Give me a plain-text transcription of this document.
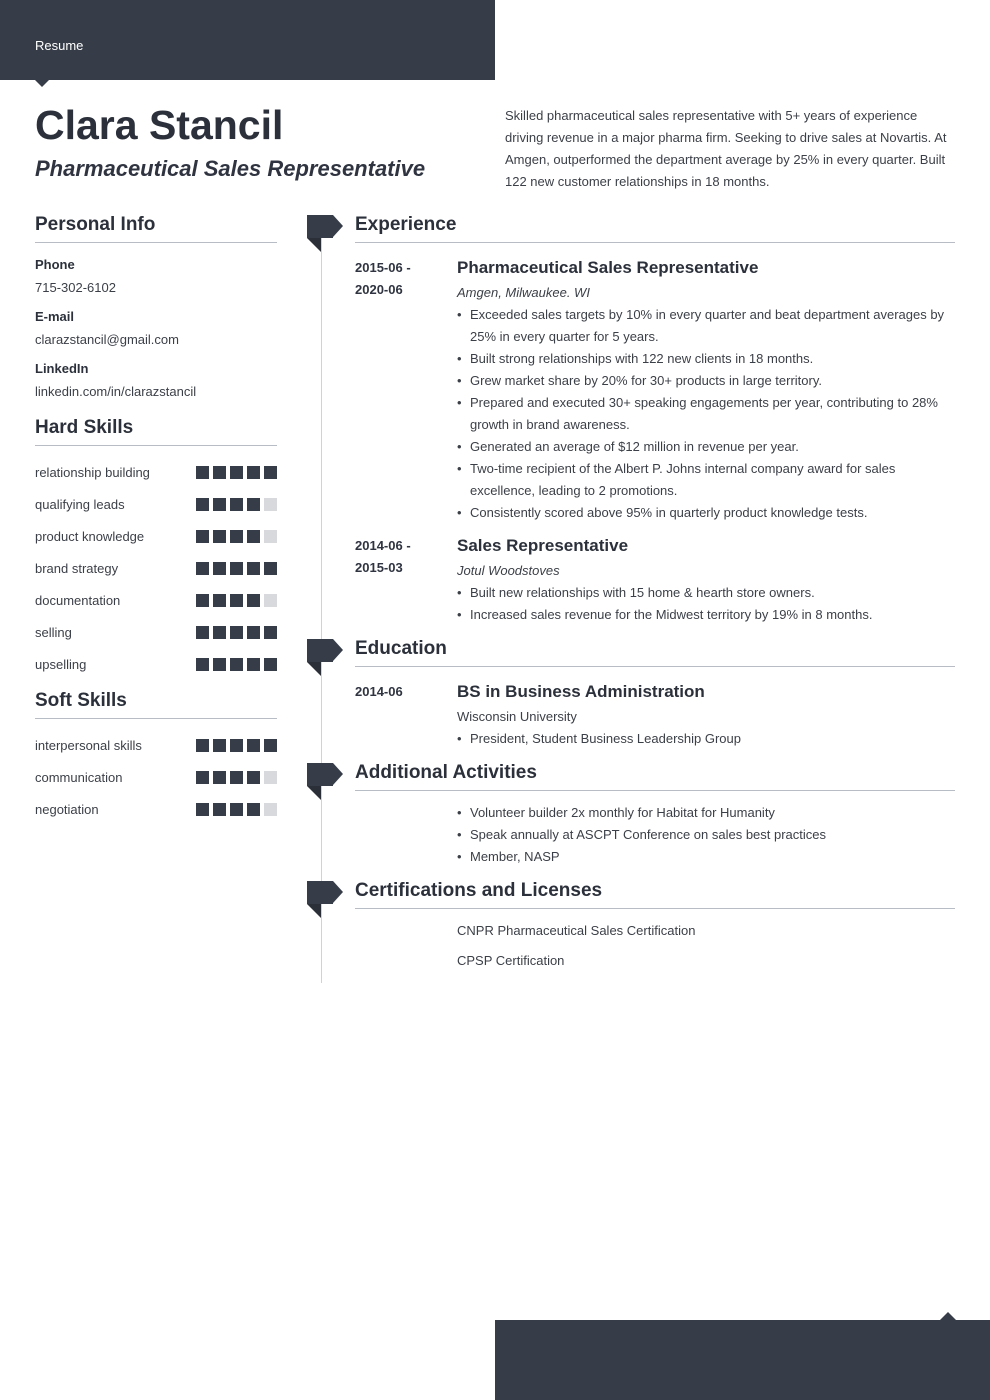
Resume
Clara Stancil
Pharmaceutical Sales Representative

Skilled pharmaceutical sales representative with 5+ years of experience driving revenue in a major pharma firm. Seeking to drive sales at Novartis. At Amgen, outperformed the department average by 25% in every quarter. Built 122 new customer relationships in 18 months.

Personal Info
Phone
715-302-6102
E-mail
clarazstancil@gmail.com
LinkedIn
linkedin.com/in/clarazstancil
Hard Skills
relationship building
qualifying leads
product knowledge
brand strategy
documentation
selling
upselling
Soft Skills
interpersonal skills
communication
negotiation
Experience
2015-06 -
2020-06

Pharmaceutical Sales Representative

Amgen, Milwaukee. WI
• Exceeded sales targets by 10% in every quarter and beat department averages by 25% in every quarter for 5 years.
• Built strong relationships with 122 new clients in 18 months.
• Grew market share by 20% for 30+ products in large territory.
• Prepared and executed 30+ speaking engagements per year, contributing to 28% growth in brand awareness.
• Generated an average of $12 million in revenue per year.
• Two-time recipient of the Albert P. Johns internal company award for sales excellence, leading to 2 promotions.
• Consistently scored above 95% in quarterly product knowledge tests.
2014-06 -
2015-03

Sales Representative

Jotul Woodstoves
• Built new relationships with 15 home & hearth store owners.
• Increased sales revenue for the Midwest territory by 19% in 8 months.
Education
2014-06	BS in Business Administration

Wisconsin University
• President, Student Business Leadership Group
Additional Activities
• Volunteer builder 2x monthly for Habitat for Humanity
• Speak annually at ASCPT Conference on sales best practices
• Member, NASP
Certifications and Licenses
CNPR Pharmaceutical Sales Certification
CPSP Certification
